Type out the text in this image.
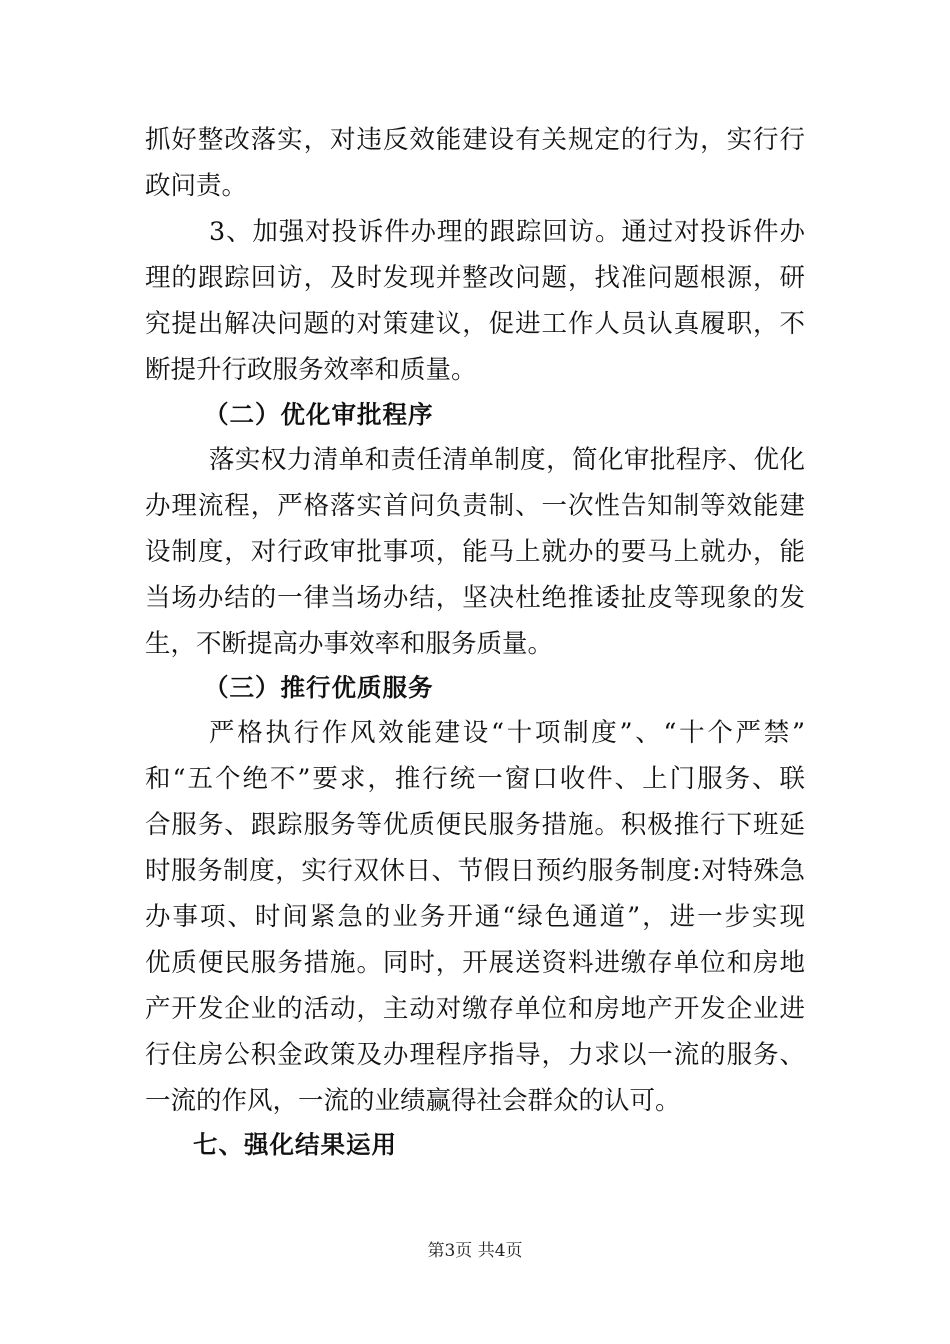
抓好整改落实，对违反效能建设有关规定的行为，实行行
政问责。
3、加强对投诉件办理的跟踪回访。通过对投诉件办
理的跟踪回访，及时发现并整改问题，找准问题根源，研
究提出解决问题的对策建议，促进工作人员认真履职，不
断提升行政服务效率和质量。
（二）优化审批程序
落实权力清单和责任清单制度，简化审批程序、优化
办理流程，严格落实首问负责制、一次性告知制等效能建
设制度，对行政审批事项，能马上就办的要马上就办，能
当场办结的一律当场办结，坚决杜绝推诿扯皮等现象的发
生，不断提高办事效率和服务质量。
（三）推行优质服务
严格执行作风效能建设“十项制度”、“十个严禁”
和“五个绝不”要求，推行统一窗口收件、上门服务、联
合服务、跟踪服务等优质便民服务措施。积极推行下班延
时服务制度，实行双休日、节假日预约服务制度:对特殊急
办事项、时间紧急的业务开通“绿色通道”，进一步实现
优质便民服务措施。同时，开展送资料进缴存单位和房地
产开发企业的活动，主动对缴存单位和房地产开发企业进
行住房公积金政策及办理程序指导，力求以一流的服务、
一流的作风，一流的业绩赢得社会群众的认可。
七、强化结果运用
第3页 共4页
